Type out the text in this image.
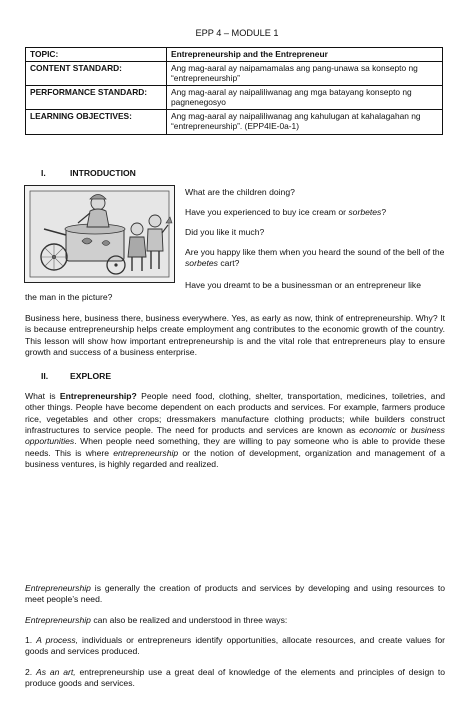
EPP 4 – MODULE 1
TOPIC:	Entrepreneurship and the Entrepreneur
CONTENT STANDARD:	Ang mag-aaral ay naipamamalas ang pang-unawa sa konsepto ng “entrepreneurship”
PERFORMANCE STANDARD:	Ang mag-aaral ay naipaliliwanag ang mga batayang konsepto ng pagnenegosyo
LEARNING OBJECTIVES:	Ang mag-aaral ay naipaliliwanag ang kahulugan at kahalagahan ng “entrepreneurship”. (EPP4IE-0a-1)
I.	INTRODUCTION
What are the children doing?
Have you experienced to buy ice cream or sorbetes?
Did you like it much?
Are you happy like them when you heard the sound of the bell of the sorbetes cart?
Have you dreamt to be a businessman or an entrepreneur like
the man in the picture?
Business here, business there, business everywhere. Yes, as early as now, think of entrepreneurship. Why? It is because entrepreneurship helps create employment ang contributes to the economic growth of the country. This lesson will show how important entrepreneurship is and the vital role that entrepreneurs play to ensure growth and success of a business enterprise.
II.	EXPLORE
What is Entrepreneurship? People need food, clothing, shelter, transportation, medicines, toiletries, and other things. People have become dependent on each products and services. For example, farmers produce rice, vegetables and other crops; dressmakers manufacture clothing products; while builders construct infrastructures to service people. The need for products and services are known as economic or business opportunities. When people need something, they are willing to pay someone who is able to provide these needs. This is where entrepreneurship or the notion of development, organization and management of a business ventures, is highly regarded and realized.
Entrepreneurship is generally the creation of products and services by developing and using resources to meet people’s need.
Entrepreneurship can also be realized and understood in three ways:
1. A process, individuals or entrepreneurs identify opportunities, allocate resources, and create values for goods and services produced.
2. As an art, entrepreneurship use a great deal of knowledge of the elements and principles of design to produce goods and services.
